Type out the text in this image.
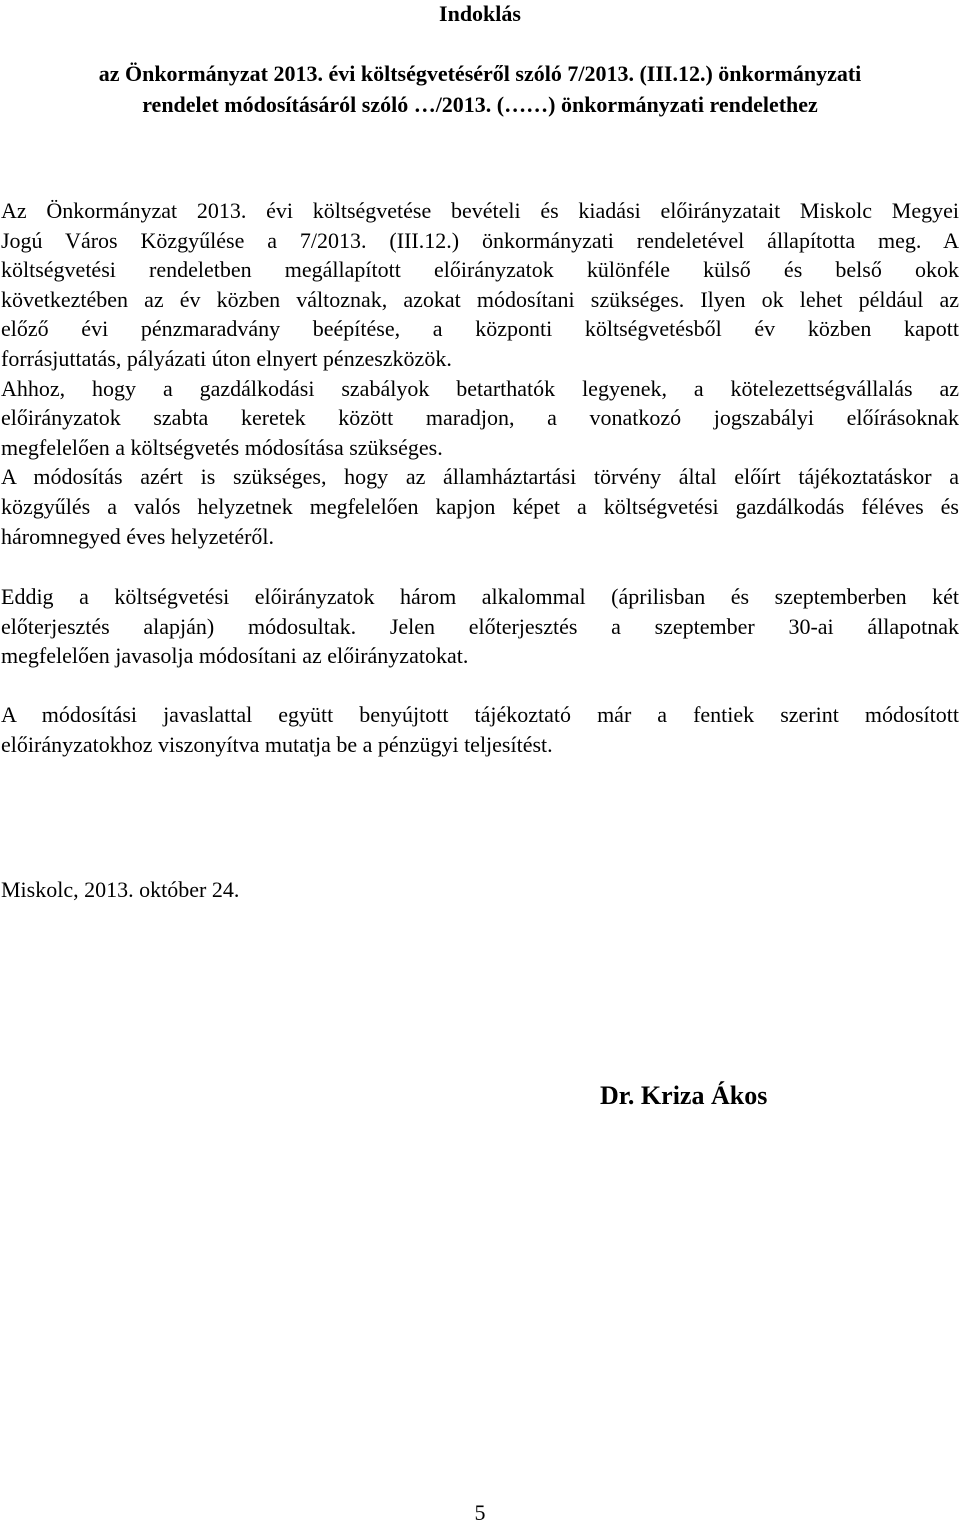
Indoklás
az Önkormányzat 2013. évi költségvetéséről szóló 7/2013. (III.12.) önkormányzati
rendelet módosításáról szóló …/2013. (……) önkormányzati rendelethez
Az Önkormányzat 2013. évi költségvetése bevételi és kiadási előirányzatait Miskolc Megyei
Jogú Város Közgyűlése a 7/2013. (III.12.) önkormányzati rendeletével állapította meg. A
költségvetési rendeletben megállapított előirányzatok különféle külső és belső okok
következtében az év közben változnak, azokat módosítani szükséges. Ilyen ok lehet például az
előző évi pénzmaradvány beépítése, a központi költségvetésből év közben kapott
forrásjuttatás, pályázati úton elnyert pénzeszközök.
Ahhoz, hogy a gazdálkodási szabályok betarthatók legyenek, a kötelezettségvállalás az
előirányzatok szabta keretek között maradjon, a vonatkozó jogszabályi előírásoknak
megfelelően a költségvetés módosítása szükséges.
A módosítás azért is szükséges, hogy az államháztartási törvény által előírt tájékoztatáskor a
közgyűlés a valós helyzetnek megfelelően kapjon képet a költségvetési gazdálkodás féléves és
háromnegyed éves helyzetéről.
Eddig a költségvetési előirányzatok három alkalommal (áprilisban és szeptemberben két
előterjesztés alapján) módosultak. Jelen előterjesztés a szeptember 30-ai állapotnak
megfelelően javasolja módosítani az előirányzatokat.
A módosítási javaslattal együtt benyújtott tájékoztató már a fentiek szerint módosított
előirányzatokhoz viszonyítva mutatja be a pénzügyi teljesítést.

Miskolc, 2013. október 24.

Dr. Kriza Ákos

5
